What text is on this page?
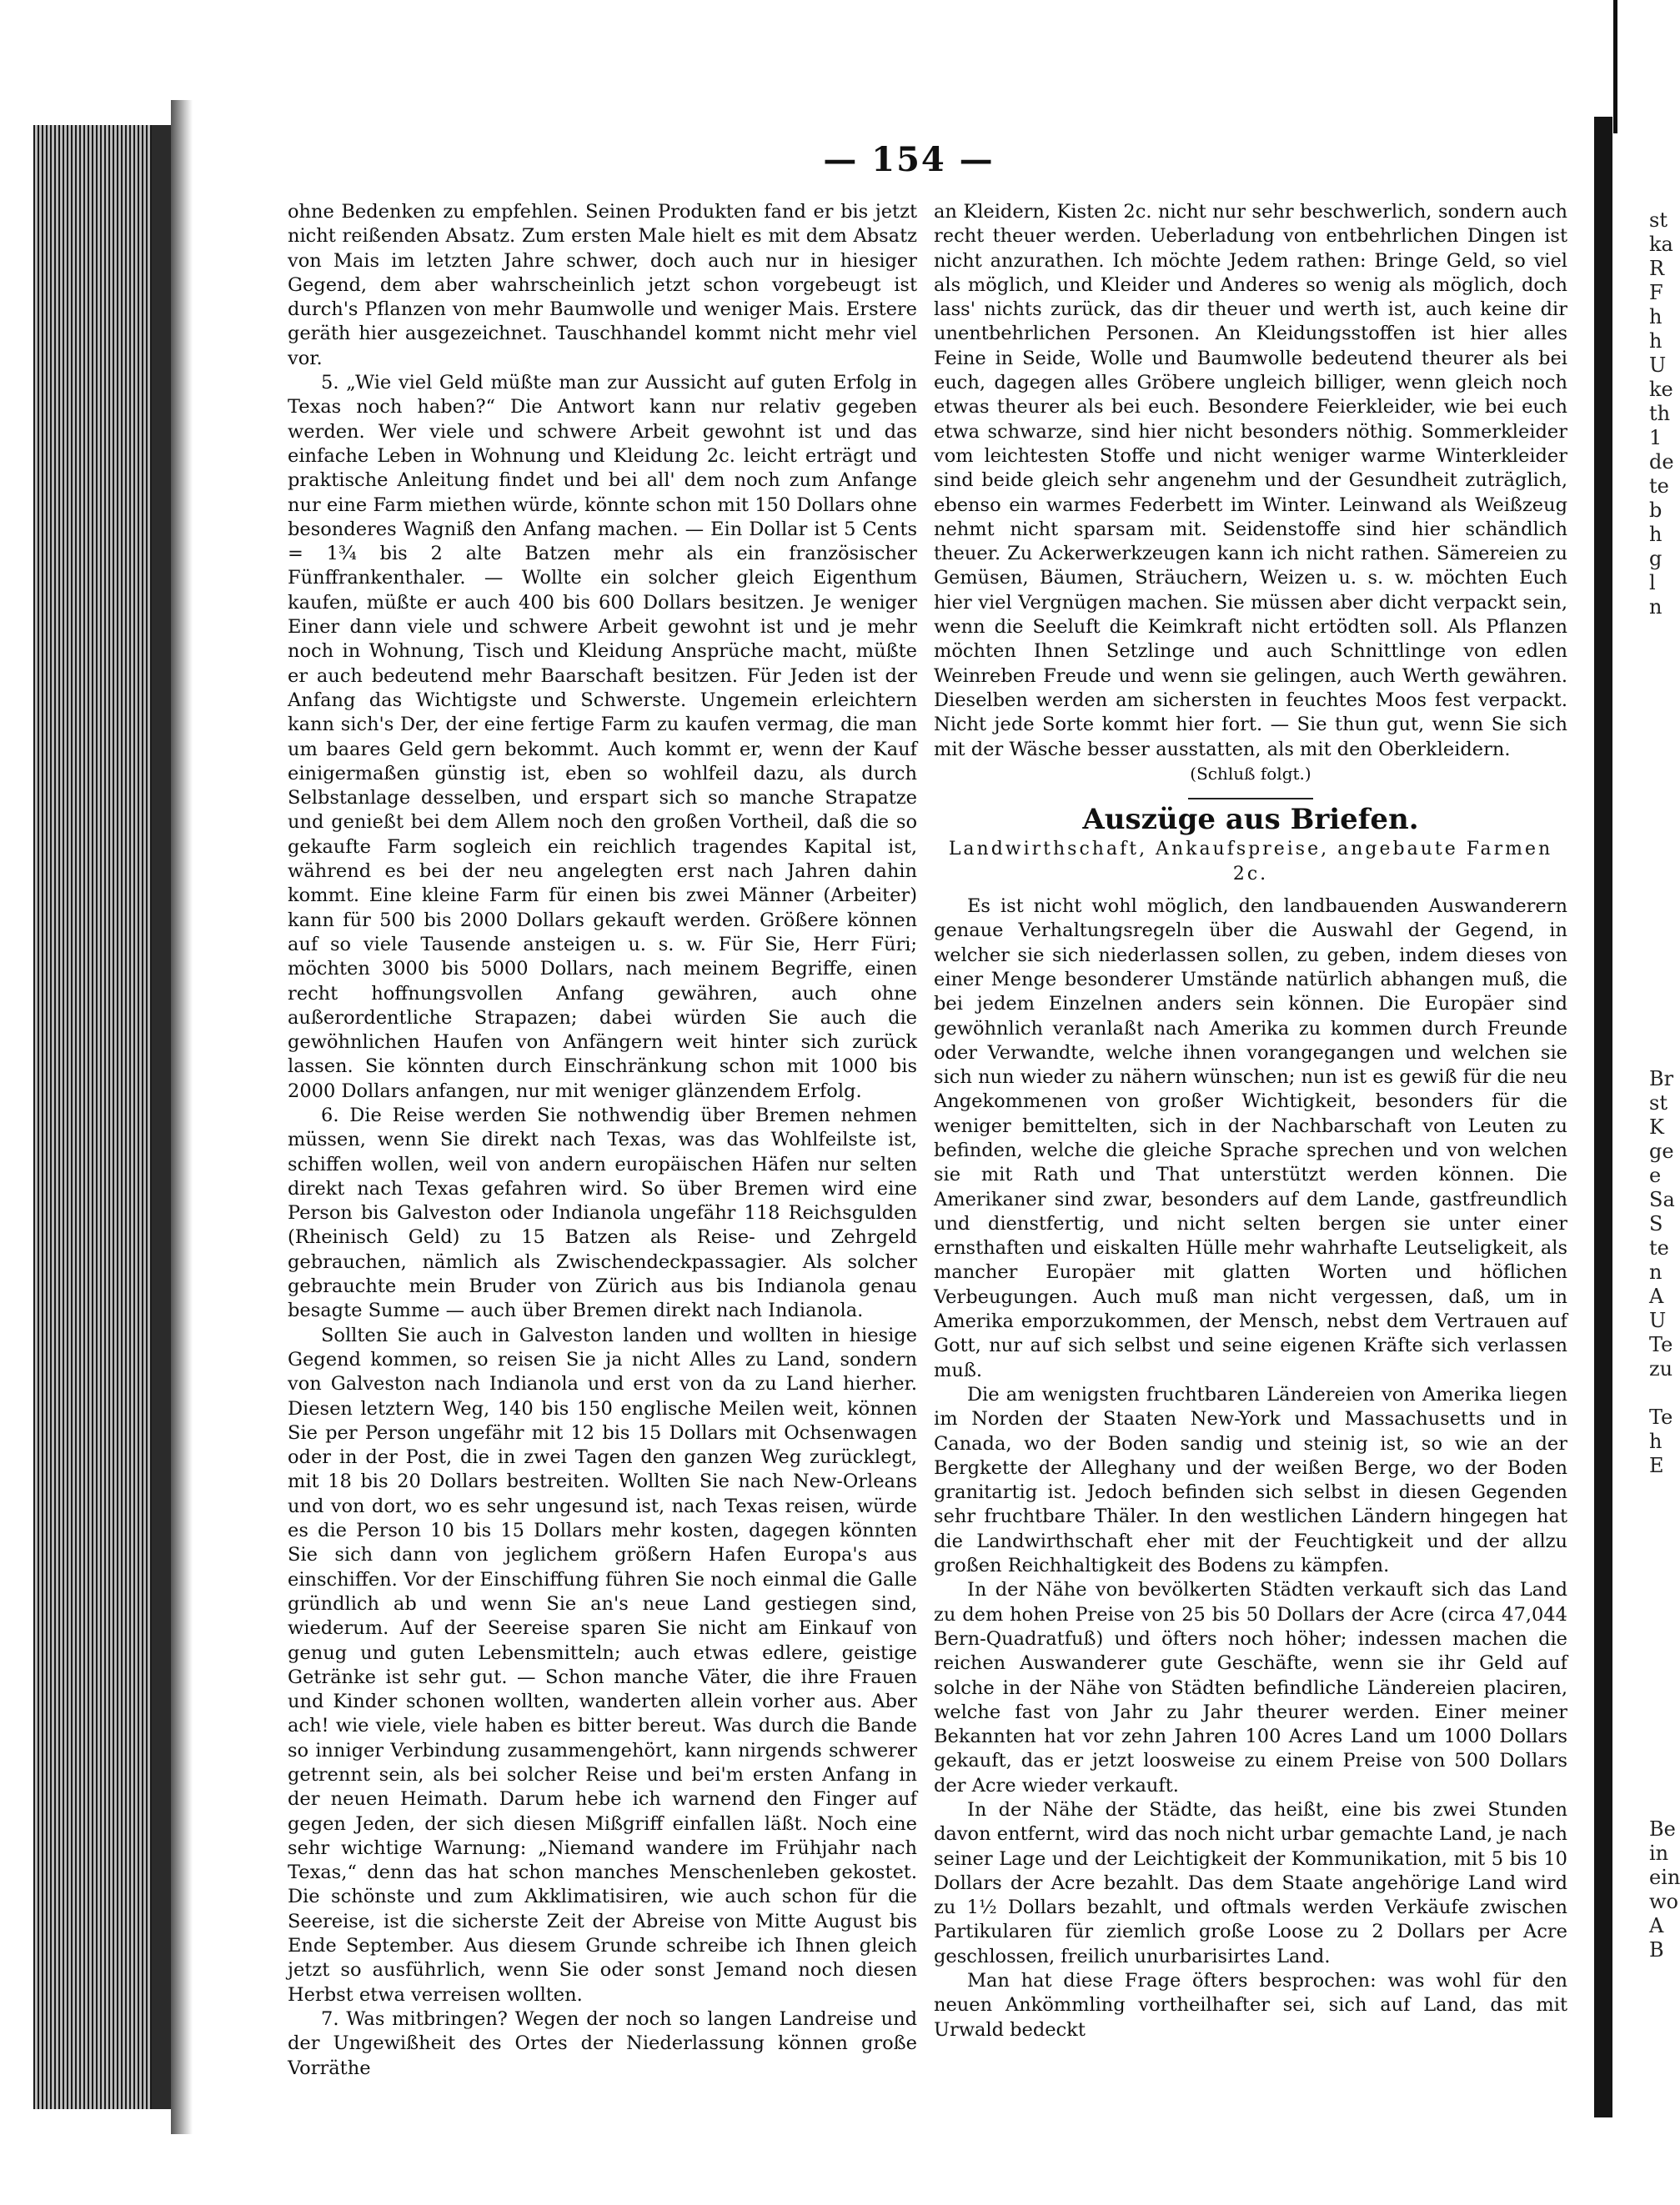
st
ka
R
F
h
h
U
ke
th
1
de
te
b
h
g
l
n
Br
st
K
ge
e
Sa
S
te
n
A
U
Te
zu

Te
h
E
Be
in
ein
wo
A
B
— 154 —

ohne Bedenken zu empfehlen. Seinen Produkten fand er bis jetzt nicht reißenden Absatz. Zum ersten Male hielt es mit dem Absatz von Mais im letzten Jahre schwer, doch auch nur in hiesiger Gegend, dem aber wahrscheinlich jetzt schon vorgebeugt ist durch's Pflanzen von mehr Baumwolle und weniger Mais. Erstere geräth hier ausgezeichnet. Tauschhandel kommt nicht mehr viel vor.

5. „Wie viel Geld müßte man zur Aussicht auf guten Erfolg in Texas noch haben?“ Die Antwort kann nur relativ gegeben werden. Wer viele und schwere Arbeit gewohnt ist und das einfache Leben in Wohnung und Kleidung 2c. leicht erträgt und praktische Anleitung findet und bei all' dem noch zum Anfange nur eine Farm miethen würde, könnte schon mit 150 Dollars ohne besonderes Wagniß den Anfang machen. — Ein Dollar ist 5 Cents = 1¾ bis 2 alte Batzen mehr als ein französischer Fünffrankenthaler. — Wollte ein solcher gleich Eigenthum kaufen, müßte er auch 400 bis 600 Dollars besitzen. Je weniger Einer dann viele und schwere Arbeit gewohnt ist und je mehr noch in Wohnung, Tisch und Kleidung Ansprüche macht, müßte er auch bedeutend mehr Baarschaft besitzen. Für Jeden ist der Anfang das Wichtigste und Schwerste. Ungemein erleichtern kann sich's Der, der eine fertige Farm zu kaufen vermag, die man um baares Geld gern bekommt. Auch kommt er, wenn der Kauf einigermaßen günstig ist, eben so wohlfeil dazu, als durch Selbstanlage desselben, und erspart sich so manche Strapatze und genießt bei dem Allem noch den großen Vortheil, daß die so gekaufte Farm sogleich ein reichlich tragendes Kapital ist, während es bei der neu angelegten erst nach Jahren dahin kommt. Eine kleine Farm für einen bis zwei Männer (Arbeiter) kann für 500 bis 2000 Dollars gekauft werden. Größere können auf so viele Tausende ansteigen u. s. w. Für Sie, Herr Füri; möchten 3000 bis 5000 Dollars, nach meinem Begriffe, einen recht hoffnungsvollen Anfang gewähren, auch ohne außerordentliche Strapazen; dabei würden Sie auch die gewöhnlichen Haufen von Anfängern weit hinter sich zurück lassen. Sie könnten durch Einschränkung schon mit 1000 bis 2000 Dollars anfangen, nur mit weniger glänzendem Erfolg.

6. Die Reise werden Sie nothwendig über Bremen nehmen müssen, wenn Sie direkt nach Texas, was das Wohlfeilste ist, schiffen wollen, weil von andern europäischen Häfen nur selten direkt nach Texas gefahren wird. So über Bremen wird eine Person bis Galveston oder Indianola ungefähr 118 Reichsgulden (Rheinisch Geld) zu 15 Batzen als Reise- und Zehrgeld gebrauchen, nämlich als Zwischendeckpassagier. Als solcher gebrauchte mein Bruder von Zürich aus bis Indianola genau besagte Summe — auch über Bremen direkt nach Indianola.

Sollten Sie auch in Galveston landen und wollten in hiesige Gegend kommen, so reisen Sie ja nicht Alles zu Land, sondern von Galveston nach Indianola und erst von da zu Land hierher. Diesen letztern Weg, 140 bis 150 englische Meilen weit, können Sie per Person ungefähr mit 12 bis 15 Dollars mit Ochsenwagen oder in der Post, die in zwei Tagen den ganzen Weg zurücklegt, mit 18 bis 20 Dollars bestreiten. Wollten Sie nach New-Orleans und von dort, wo es sehr ungesund ist, nach Texas reisen, würde es die Person 10 bis 15 Dollars mehr kosten, dagegen könnten Sie sich dann von jeglichem größern Hafen Europa's aus einschiffen. Vor der Einschiffung führen Sie noch einmal die Galle gründlich ab und wenn Sie an's neue Land gestiegen sind, wiederum. Auf der Seereise sparen Sie nicht am Einkauf von genug und guten Lebensmitteln; auch etwas edlere, geistige Getränke ist sehr gut. — Schon manche Väter, die ihre Frauen und Kinder schonen wollten, wanderten allein vorher aus. Aber ach! wie viele, viele haben es bitter bereut. Was durch die Bande so inniger Verbindung zusammengehört, kann nirgends schwerer getrennt sein, als bei solcher Reise und bei'm ersten Anfang in der neuen Heimath. Darum hebe ich warnend den Finger auf gegen Jeden, der sich diesen Mißgriff einfallen läßt. Noch eine sehr wichtige Warnung: „Niemand wandere im Frühjahr nach Texas,“ denn das hat schon manches Menschenleben gekostet. Die schönste und zum Akklimatisiren, wie auch schon für die Seereise, ist die sicherste Zeit der Abreise von Mitte August bis Ende September. Aus diesem Grunde schreibe ich Ihnen gleich jetzt so ausführlich, wenn Sie oder sonst Jemand noch diesen Herbst etwa verreisen wollten.

7. Was mitbringen? Wegen der noch so langen Landreise und der Ungewißheit des Ortes der Niederlassung können große Vorräthe

an Kleidern, Kisten 2c. nicht nur sehr beschwerlich, sondern auch recht theuer werden. Ueberladung von entbehrlichen Dingen ist nicht anzurathen. Ich möchte Jedem rathen: Bringe Geld, so viel als möglich, und Kleider und Anderes so wenig als möglich, doch lass' nichts zurück, das dir theuer und werth ist, auch keine dir unentbehrlichen Personen. An Kleidungsstoffen ist hier alles Feine in Seide, Wolle und Baumwolle bedeutend theurer als bei euch, dagegen alles Gröbere ungleich billiger, wenn gleich noch etwas theurer als bei euch. Besondere Feierkleider, wie bei euch etwa schwarze, sind hier nicht besonders nöthig. Sommerkleider vom leichtesten Stoffe und nicht weniger warme Winterkleider sind beide gleich sehr angenehm und der Gesundheit zuträglich, ebenso ein warmes Federbett im Winter. Leinwand als Weißzeug nehmt nicht sparsam mit. Seidenstoffe sind hier schändlich theuer. Zu Ackerwerkzeugen kann ich nicht rathen. Sämereien zu Gemüsen, Bäumen, Sträuchern, Weizen u. s. w. möchten Euch hier viel Vergnügen machen. Sie müssen aber dicht verpackt sein, wenn die Seeluft die Keimkraft nicht ertödten soll. Als Pflanzen möchten Ihnen Setzlinge und auch Schnittlinge von edlen Weinreben Freude und wenn sie gelingen, auch Werth gewähren. Dieselben werden am sichersten in feuchtes Moos fest verpackt. Nicht jede Sorte kommt hier fort. — Sie thun gut, wenn Sie sich mit der Wäsche besser ausstatten, als mit den Oberkleidern.

(Schluß folgt.)

Auszüge aus Briefen.
Landwirthschaft, Ankaufspreise, angebaute Farmen 2c.

Es ist nicht wohl möglich, den landbauenden Auswanderern genaue Verhaltungsregeln über die Auswahl der Gegend, in welcher sie sich niederlassen sollen, zu geben, indem dieses von einer Menge besonderer Umstände natürlich abhangen muß, die bei jedem Einzelnen anders sein können. Die Europäer sind gewöhnlich veranlaßt nach Amerika zu kommen durch Freunde oder Verwandte, welche ihnen vorangegangen und welchen sie sich nun wieder zu nähern wünschen; nun ist es gewiß für die neu Angekommenen von großer Wichtigkeit, besonders für die weniger bemittelten, sich in der Nachbarschaft von Leuten zu befinden, welche die gleiche Sprache sprechen und von welchen sie mit Rath und That unterstützt werden können. Die Amerikaner sind zwar, besonders auf dem Lande, gastfreundlich und dienstfertig, und nicht selten bergen sie unter einer ernsthaften und eiskalten Hülle mehr wahrhafte Leutseligkeit, als mancher Europäer mit glatten Worten und höflichen Verbeugungen. Auch muß man nicht vergessen, daß, um in Amerika emporzukommen, der Mensch, nebst dem Vertrauen auf Gott, nur auf sich selbst und seine eigenen Kräfte sich verlassen muß.

Die am wenigsten fruchtbaren Ländereien von Amerika liegen im Norden der Staaten New-York und Massachusetts und in Canada, wo der Boden sandig und steinig ist, so wie an der Bergkette der Alleghany und der weißen Berge, wo der Boden granitartig ist. Jedoch befinden sich selbst in diesen Gegenden sehr fruchtbare Thäler. In den westlichen Ländern hingegen hat die Landwirthschaft eher mit der Feuchtigkeit und der allzu großen Reichhaltigkeit des Bodens zu kämpfen.

In der Nähe von bevölkerten Städten verkauft sich das Land zu dem hohen Preise von 25 bis 50 Dollars der Acre (circa 47,044 Bern-Quadratfuß) und öfters noch höher; indessen machen die reichen Auswanderer gute Geschäfte, wenn sie ihr Geld auf solche in der Nähe von Städten befindliche Ländereien placiren, welche fast von Jahr zu Jahr theurer werden. Einer meiner Bekannten hat vor zehn Jahren 100 Acres Land um 1000 Dollars gekauft, das er jetzt loosweise zu einem Preise von 500 Dollars der Acre wieder verkauft.

In der Nähe der Städte, das heißt, eine bis zwei Stunden davon entfernt, wird das noch nicht urbar gemachte Land, je nach seiner Lage und der Leichtigkeit der Kommunikation, mit 5 bis 10 Dollars der Acre bezahlt. Das dem Staate angehörige Land wird zu 1½ Dollars bezahlt, und oftmals werden Verkäufe zwischen Partikularen für ziemlich große Loose zu 2 Dollars per Acre geschlossen, freilich unurbarisirtes Land.

Man hat diese Frage öfters besprochen: was wohl für den neuen Ankömmling vortheilhafter sei, sich auf Land, das mit Urwald bedeckt
